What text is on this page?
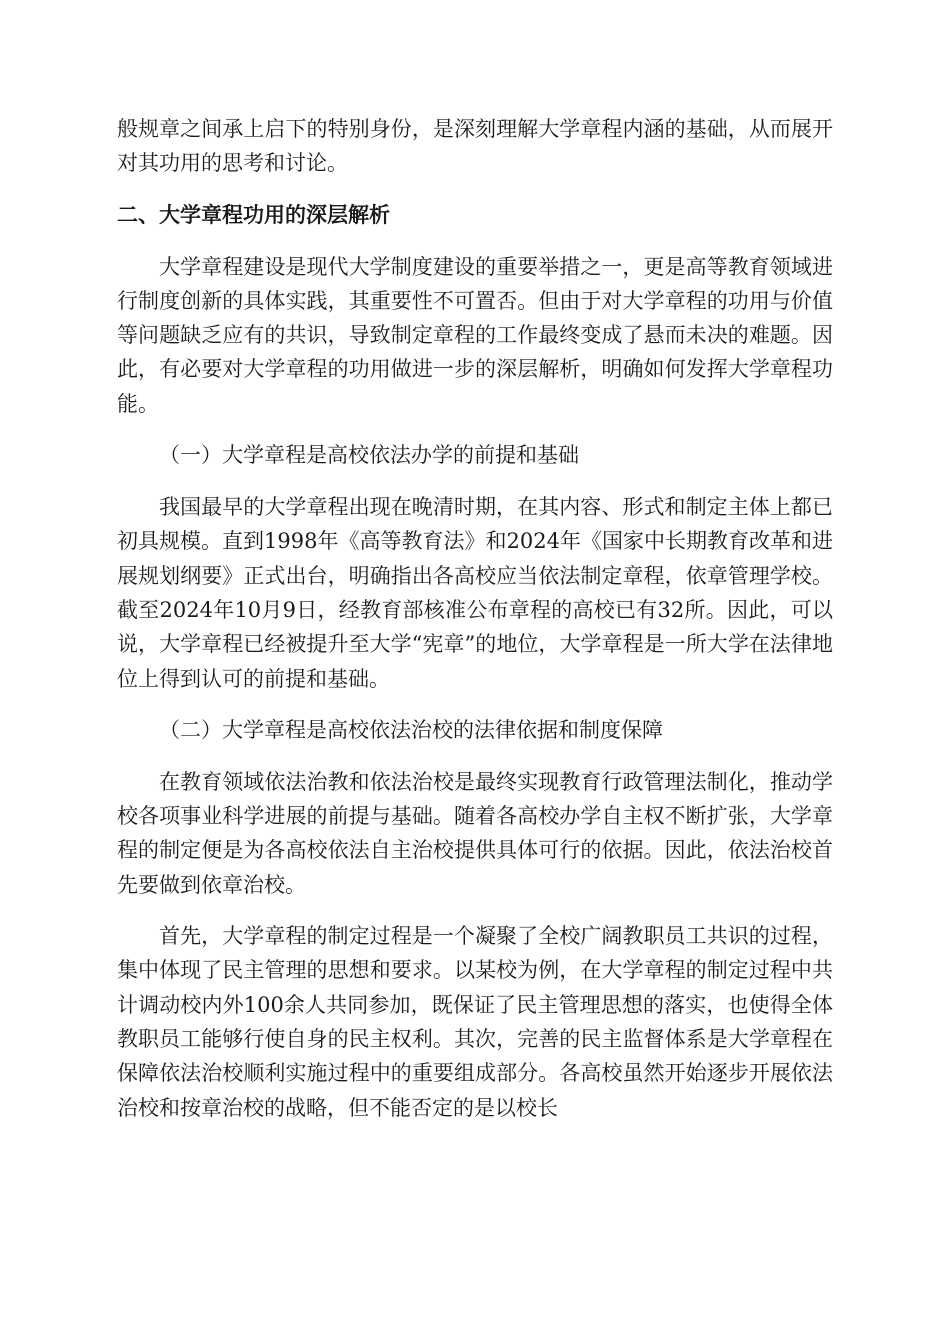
般规章之间承上启下的特别身份，是深刻理解大学章程内涵的基础，从而展开对其功用的思考和讨论。

二、大学章程功用的深层解析

大学章程建设是现代大学制度建设的重要举措之一，更是高等教育领域进行制度创新的具体实践，其重要性不可置否。但由于对大学章程的功用与价值等问题缺乏应有的共识，导致制定章程的工作最终变成了悬而未决的难题。因此，有必要对大学章程的功用做进一步的深层解析，明确如何发挥大学章程功能。

（一）大学章程是高校依法办学的前提和基础

我国最早的大学章程出现在晚清时期，在其内容、形式和制定主体上都已初具规模。直到1998年《高等教育法》和2024年《国家中长期教育改革和进展规划纲要》正式出台，明确指出各高校应当依法制定章程，依章管理学校。截至2024年10月9日，经教育部核准公布章程的高校已有32所。因此，可以说，大学章程已经被提升至大学“宪章”的地位，大学章程是一所大学在法律地位上得到认可的前提和基础。

（二）大学章程是高校依法治校的法律依据和制度保障

在教育领域依法治教和依法治校是最终实现教育行政管理法制化，推动学校各项事业科学进展的前提与基础。随着各高校办学自主权不断扩张，大学章程的制定便是为各高校依法自主治校提供具体可行的依据。因此，依法治校首先要做到依章治校。

首先，大学章程的制定过程是一个凝聚了全校广阔教职员工共识的过程，集中体现了民主管理的思想和要求。以某校为例，在大学章程的制定过程中共计调动校内外100余人共同参加，既保证了民主管理思想的落实，也使得全体教职员工能够行使自身的民主权利。其次，完善的民主监督体系是大学章程在保障依法治校顺利实施过程中的重要组成部分。各高校虽然开始逐步开展依法治校和按章治校的战略，但不能否定的是以校长
